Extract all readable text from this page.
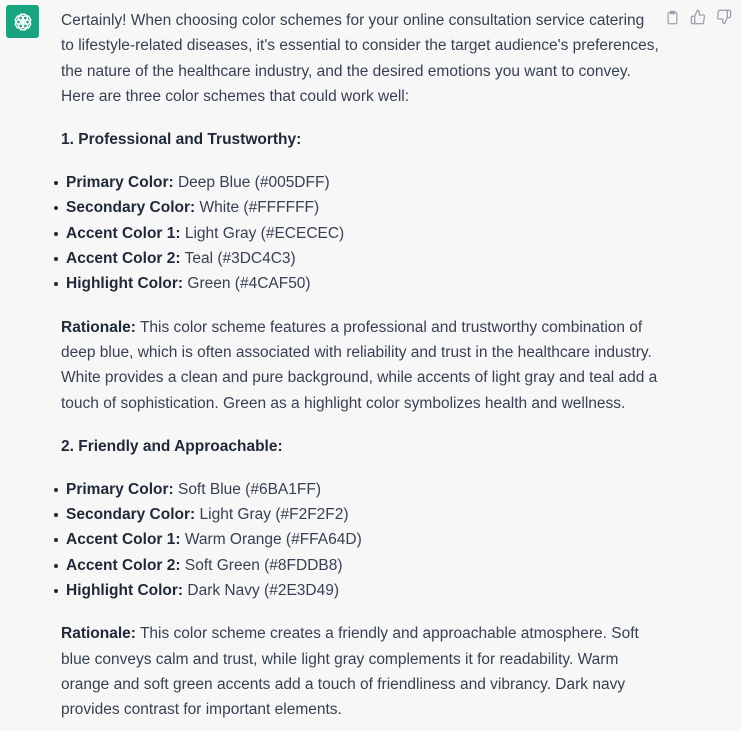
Certainly! When choosing color schemes for your online consultation service catering to lifestyle-related diseases, it's essential to consider the target audience's preferences, the nature of the healthcare industry, and the desired emotions you want to convey. Here are three color schemes that could work well:

1. Professional and Trustworthy:
Primary Color: Deep Blue (#005DFF)
Secondary Color: White (#FFFFFF)
Accent Color 1: Light Gray (#ECECEC)
Accent Color 2: Teal (#3DC4C3)
Highlight Color: Green (#4CAF50)

Rationale: This color scheme features a professional and trustworthy combination of deep blue, which is often associated with reliability and trust in the healthcare industry. White provides a clean and pure background, while accents of light gray and teal add a touch of sophistication. Green as a highlight color symbolizes health and wellness.

2. Friendly and Approachable:
Primary Color: Soft Blue (#6BA1FF)
Secondary Color: Light Gray (#F2F2F2)
Accent Color 1: Warm Orange (#FFA64D)
Accent Color 2: Soft Green (#8FDDB8)
Highlight Color: Dark Navy (#2E3D49)

Rationale: This color scheme creates a friendly and approachable atmosphere. Soft blue conveys calm and trust, while light gray complements it for readability. Warm orange and soft green accents add a touch of friendliness and vibrancy. Dark navy provides contrast for important elements.
